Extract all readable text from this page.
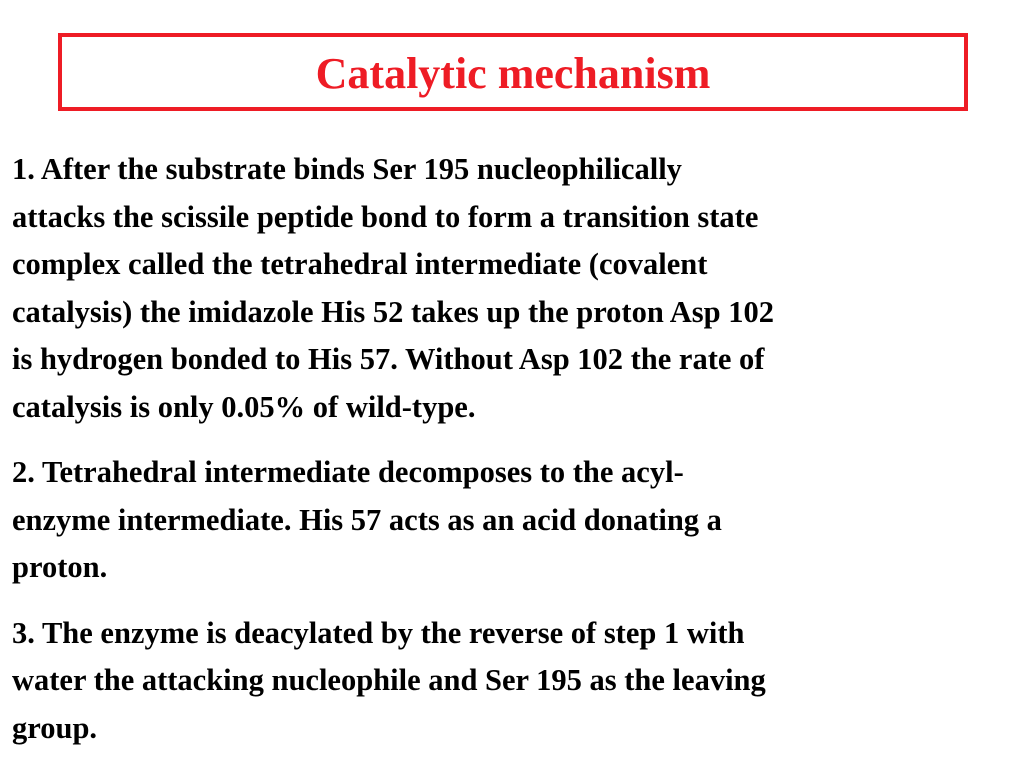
Catalytic mechanism

1. After the substrate binds Ser 195 nucleophilically
attacks the scissile peptide bond to form a transition state
complex called the tetrahedral intermediate (covalent
catalysis) the imidazole His 52 takes up the proton Asp 102
is hydrogen bonded to His 57. Without Asp 102 the rate of
catalysis is only 0.05% of wild-type.

2. Tetrahedral intermediate decomposes to the acyl-
enzyme intermediate. His 57 acts as an acid donating a
proton.

3. The enzyme is deacylated by the reverse of step 1 with
water the attacking nucleophile and Ser 195 as the leaving
group.
